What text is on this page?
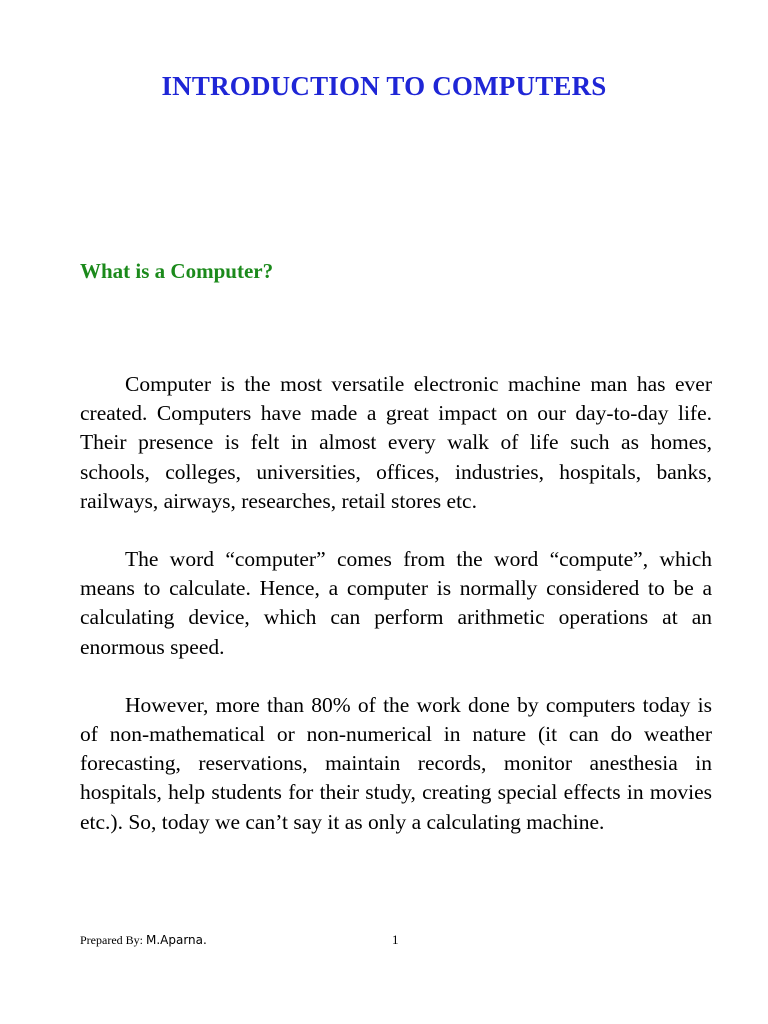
INTRODUCTION TO COMPUTERS
What is a Computer?

Computer is the most versatile electronic machine man has ever created. Computers have made a great impact on our day-to-day life. Their presence is felt in almost every walk of life such as homes, schools, colleges, universities, offices, industries, hospitals, banks, railways, airways, researches, retail stores etc.

The word “computer” comes from the word “compute”, which means to calculate. Hence, a computer is normally considered to be a calculating device, which can perform arithmetic operations at an enormous speed.

However, more than 80% of the work done by computers today is of non-mathematical or non-numerical in nature (it can do weather forecasting, reservations, maintain records, monitor anesthesia in hospitals, help students for their study, creating special effects in movies etc.). So, today we can’t say it as only a calculating machine.

Prepared By: M.Aparna.	1
